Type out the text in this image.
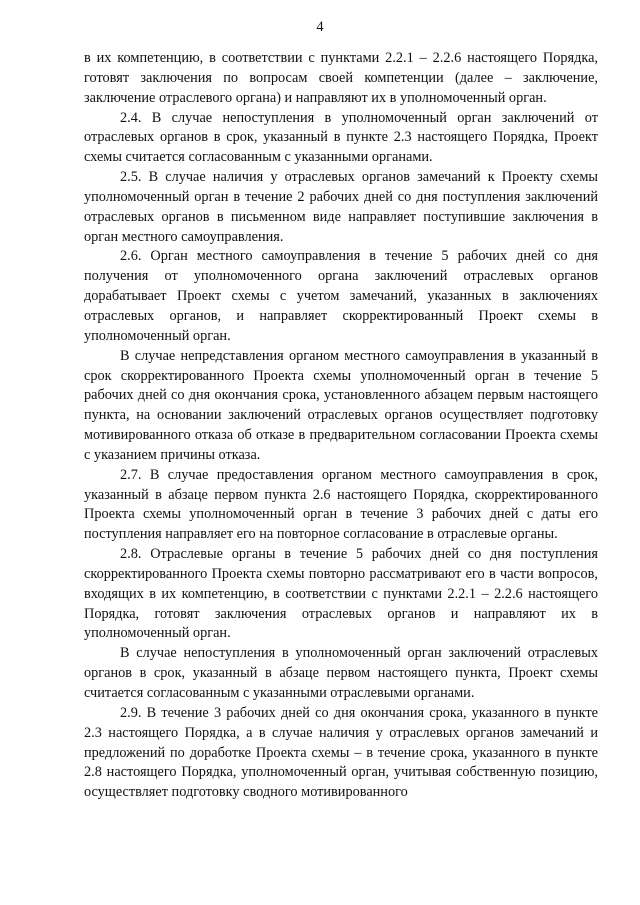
4

в их компетенцию, в соответствии с пунктами 2.2.1 – 2.2.6 настоящего Порядка, готовят заключения по вопросам своей компетенции (далее – заключение, заключение отраслевого органа) и направляют их в уполномоченный орган.

2.4. В случае непоступления в уполномоченный орган заключений от отраслевых органов в срок, указанный в пункте 2.3 настоящего Порядка, Проект схемы считается согласованным с указанными органами.

2.5. В случае наличия у отраслевых органов замечаний к Проекту схемы уполномоченный орган в течение 2 рабочих дней со дня поступления заключений отраслевых органов в письменном виде направляет поступившие заключения в орган местного самоуправления.

2.6. Орган местного самоуправления в течение 5 рабочих дней со дня получения от уполномоченного органа заключений отраслевых органов дорабатывает Проект схемы с учетом замечаний, указанных в заключениях отраслевых органов, и направляет скорректированный Проект схемы в уполномоченный орган.

В случае непредставления органом местного самоуправления в указанный в срок скорректированного Проекта схемы уполномоченный орган в течение 5 рабочих дней со дня окончания срока, установленного абзацем первым настоящего пункта, на основании заключений отраслевых органов осуществляет подготовку мотивированного отказа об отказе в предварительном согласовании Проекта схемы с указанием причины отказа.

2.7. В случае предоставления органом местного самоуправления в срок, указанный в абзаце первом пункта 2.6 настоящего Порядка, скорректированного Проекта схемы уполномоченный орган в течение 3 рабочих дней с даты его поступления направляет его на повторное согласование в отраслевые органы.

2.8. Отраслевые органы в течение 5 рабочих дней со дня поступления скорректированного Проекта схемы повторно рассматривают его в части вопросов, входящих в их компетенцию, в соответствии с пунктами 2.2.1 – 2.2.6 настоящего Порядка, готовят заключения отраслевых органов и направляют их в уполномоченный орган.

В случае непоступления в уполномоченный орган заключений отраслевых органов в срок, указанный в абзаце первом настоящего пункта, Проект схемы считается согласованным с указанными отраслевыми органами.

2.9. В течение 3 рабочих дней со дня окончания срока, указанного в пункте 2.3 настоящего Порядка, а в случае наличия у отраслевых органов замечаний и предложений по доработке Проекта схемы – в течение срока, указанного в пункте 2.8 настоящего Порядка, уполномоченный орган, учитывая собственную позицию, осуществляет подготовку сводного мотивированного
